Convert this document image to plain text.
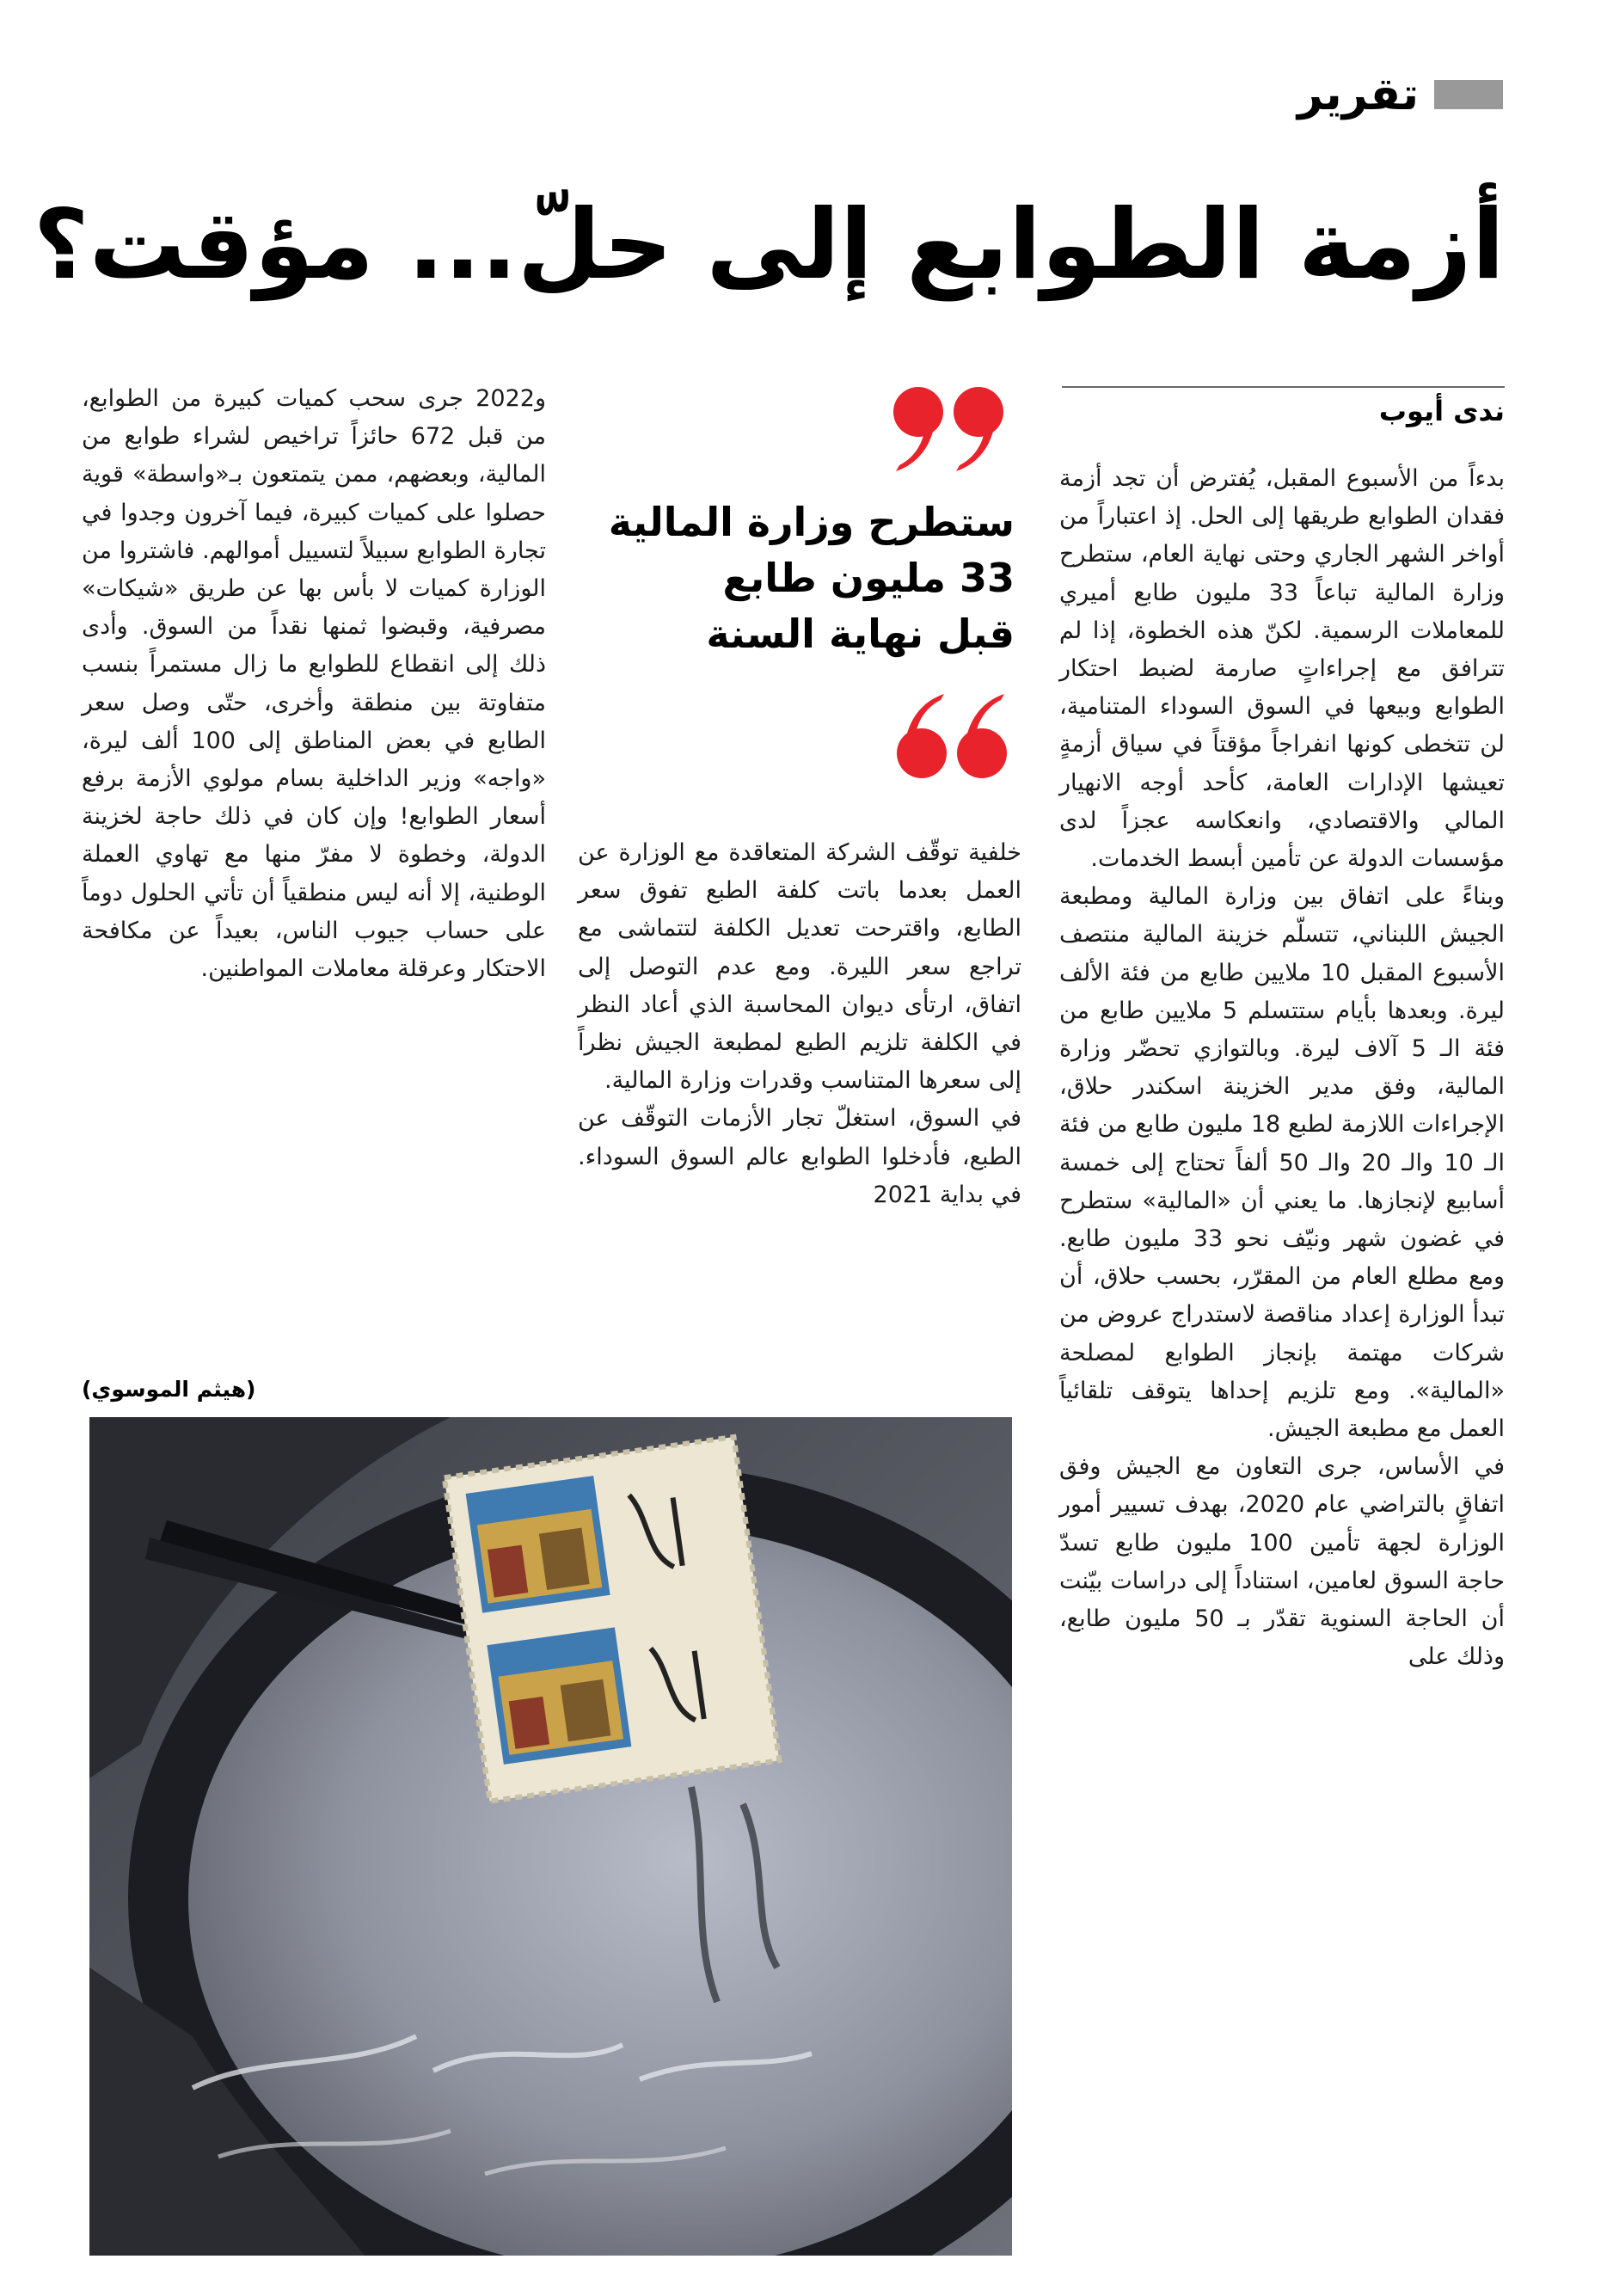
تقرير
أزمة الطوابع إلى حلّ... مؤقت؟
ندى أيوب

بدءاً من الأسبوع المقبل، يُفترض أن تجد أزمة فقدان الطوابع طريقها إلى الحل. إذ اعتباراً من أواخر الشهر الجاري وحتى نهاية العام، ستطرح وزارة المالية تباعاً 33 مليون طابع أميري للمعاملات الرسمية. لكنّ هذه الخطوة، إذا لم تترافق مع إجراءاتٍ صارمة لضبط احتكار الطوابع وبيعها في السوق السوداء المتنامية، لن تتخطى كونها انفراجاً مؤقتاً في سياق أزمةٍ تعيشها الإدارات العامة، كأحد أوجه الانهيار المالي والاقتصادي، وانعكاسه عجزاً لدى مؤسسات الدولة عن تأمين أبسط الخدمات.

وبناءً على اتفاق بين وزارة المالية ومطبعة الجيش اللبناني، تتسلّم خزينة المالية منتصف الأسبوع المقبل 10 ملايين طابع من فئة الألف ليرة. وبعدها بأيام ستتسلم 5 ملايين طابع من فئة الـ 5 آلاف ليرة. وبالتوازي تحضّر وزارة المالية، وفق مدير الخزينة اسكندر حلاق، الإجراءات اللازمة لطبع 18 مليون طابع من فئة الـ 10 والـ 20 والـ 50 ألفاً تحتاج إلى خمسة أسابيع لإنجازها. ما يعني أن «المالية» ستطرح في غضون شهر ونيّف نحو 33 مليون طابع. ومع مطلع العام من المقرّر، بحسب حلاق، أن تبدأ الوزارة إعداد مناقصة لاستدراج عروض من شركات مهتمة بإنجاز الطوابع لمصلحة «المالية». ومع تلزيم إحداها يتوقف تلقائياً العمل مع مطبعة الجيش.

في الأساس، جرى التعاون مع الجيش وفق اتفاقٍ بالتراضي عام 2020، بهدف تسيير أمور الوزارة لجهة تأمين 100 مليون طابع تسدّ حاجة السوق لعامين، استناداً إلى دراسات بيّنت أن الحاجة السنوية تقدّر بـ 50 مليون طابع، وذلك على

ستطرح وزارة المالية
33 مليون طابع
قبل نهاية السنة

خلفية توقّف الشركة المتعاقدة مع الوزارة عن العمل بعدما باتت كلفة الطبع تفوق سعر الطابع، واقترحت تعديل الكلفة لتتماشى مع تراجع سعر الليرة. ومع عدم التوصل إلى اتفاق، ارتأى ديوان المحاسبة الذي أعاد النظر في الكلفة تلزيم الطبع لمطبعة الجيش نظراً إلى سعرها المتناسب وقدرات وزارة المالية.

في السوق، استغلّ تجار الأزمات التوقّف عن الطبع، فأدخلوا الطوابع عالم السوق السوداء. في بداية 2021

و2022 جرى سحب كميات كبيرة من الطوابع، من قبل 672 حائزاً تراخيص لشراء طوابع من المالية، وبعضهم، ممن يتمتعون بـ«واسطة» قوية حصلوا على كميات كبيرة، فيما آخرون وجدوا في تجارة الطوابع سبيلاً لتسييل أموالهم. فاشتروا من الوزارة كميات لا بأس بها عن طريق «شيكات» مصرفية، وقبضوا ثمنها نقداً من السوق. وأدى ذلك إلى انقطاع للطوابع ما زال مستمراً بنسب متفاوتة بين منطقة وأخرى، حتّى وصل سعر الطابع في بعض المناطق إلى 100 ألف ليرة، «واجه» وزير الداخلية بسام مولوي الأزمة برفع أسعار الطوابع! وإن كان في ذلك حاجة لخزينة الدولة، وخطوة لا مفرّ منها مع تهاوي العملة الوطنية، إلا أنه ليس منطقياً أن تأتي الحلول دوماً على حساب جيوب الناس، بعيداً عن مكافحة الاحتكار وعرقلة معاملات المواطنين.

(هيثم الموسوي)
